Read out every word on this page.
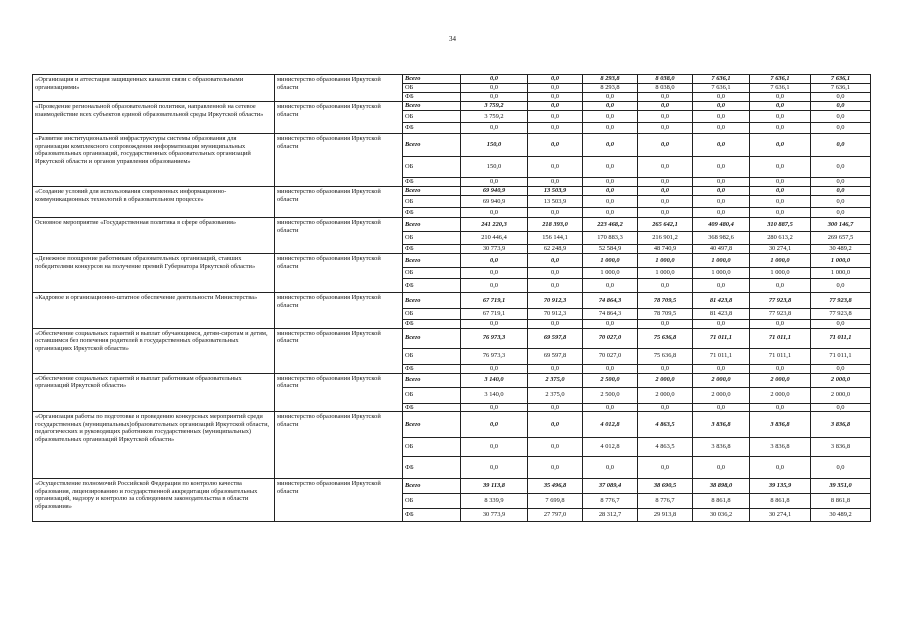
34
«Организация и аттестация защищенных каналов связи с образовательными организациями»	министерство образования Иркутской области	Всего	0,0	0,0	8 293,8	8 038,0	7 636,1	7 636,1	7 636,1
		ОБ	0,0	0,0	8 293,8	8 038,0	7 636,1	7 636,1	7 636,1
		ФБ	0,0	0,0	0,0	0,0	0,0	0,0	0,0
«Проведение региональной образовательной политики, направленной на сетевое взаимодействие всех субъектов единой образовательной среды Иркутской области»	министерство образования Иркутской области	Всего	3 759,2	0,0	0,0	0,0	0,0	0,0	0,0
		ОБ	3 759,2	0,0	0,0	0,0	0,0	0,0	0,0
		ФБ	0,0	0,0	0,0	0,0	0,0	0,0	0,0
«Развитие институциональной инфраструктуры системы образования для организации комплексного сопровождения информатизации муниципальных образовательных организаций, государственных образовательных организаций Иркутской области и органов управления образованием»	министерство образования Иркутской области	Всего	150,0	0,0	0,0	0,0	0,0	0,0	0,0
		ОБ	150,0	0,0	0,0	0,0	0,0	0,0	0,0
		ФБ	0,0	0,0	0,0	0,0	0,0	0,0	0,0
«Создание условий для использования современных информационно-коммуникационных технологий в образовательном процессе»	министерство образования Иркутской области	Всего	69 940,9	13 503,9	0,0	0,0	0,0	0,0	0,0
		ОБ	69 940,9	13 503,9	0,0	0,0	0,0	0,0	0,0
		ФБ	0,0	0,0	0,0	0,0	0,0	0,0	0,0
Основное мероприятие «Государственная политика в сфере образования»	министерство образования Иркутской области	Всего	241 220,3	218 393,0	223 468,2	265 642,1	409 480,4	310 887,5	300 146,7
		ОБ	210 446,4	156 144,1	170 883,3	216 901,2	368 982,6	280 613,2	269 657,5
		ФБ	30 773,9	62 248,9	52 584,9	48 740,9	40 497,8	30 274,1	30 489,2
«Денежное поощрение работникам образовательных организаций, ставших победителями конкурсов на получение премий Губернатора Иркутской области»	министерство образования Иркутской области	Всего	0,0	0,0	1 000,0	1 000,0	1 000,0	1 000,0	1 000,0
		ОБ	0,0	0,0	1 000,0	1 000,0	1 000,0	1 000,0	1 000,0
		ФБ	0,0	0,0	0,0	0,0	0,0	0,0	0,0
«Кадровое и организационно-штатное обеспечение деятельности Министерства»	министерство образования Иркутской области	Всего	67 719,1	70 912,3	74 864,3	78 709,5	81 423,8	77 923,8	77 923,8
		ОБ	67 719,1	70 912,3	74 864,3	78 709,5	81 423,8	77 923,8	77 923,8
		ФБ	0,0	0,0	0,0	0,0	0,0	0,0	0,0
«Обеспечение социальных гарантий и выплат обучающимся, детям-сиротам и детям, оставшимся без попечения родителей в государственных образовательных организациях Иркутской области»	министерство образования Иркутской области	Всего	76 973,3	69 597,8	70 027,0	75 636,8	71 011,1	71 011,1	71 011,1
		ОБ	76 973,3	69 597,8	70 027,0	75 636,8	71 011,1	71 011,1	71 011,1
		ФБ	0,0	0,0	0,0	0,0	0,0	0,0	0,0
«Обеспечение социальных гарантий и выплат работникам образовательных организаций Иркутской области»	министерство образования Иркутской области	Всего	3 140,0	2 375,0	2 500,0	2 000,0	2 000,0	2 000,0	2 000,0
		ОБ	3 140,0	2 375,0	2 500,0	2 000,0	2 000,0	2 000,0	2 000,0
		ФБ	0,0	0,0	0,0	0,0	0,0	0,0	0,0
«Организация работы по подготовке и проведению конкурсных мероприятий среди государственных (муниципальных)образовательных организаций Иркутской области, педагогических и руководящих работников государственных (муниципальных) образовательных организаций Иркутской области»	министерство образования Иркутской области	Всего	0,0	0,0	4 012,8	4 863,5	3 836,8	3 836,8	3 836,8
		ОБ	0,0	0,0	4 012,8	4 863,5	3 836,8	3 836,8	3 836,8
		ФБ	0,0	0,0	0,0	0,0	0,0	0,0	0,0
«Осуществление полномочий Российской Федерации по контролю качества образования, лицензированию и государственной аккредитации образовательных организаций, надзору и контролю за соблюдением законодательства в области образования»	министерство образования Иркутской области	Всего	39 113,8	35 496,8	37 089,4	38 690,5	38 898,0	39 135,9	39 351,0
		ОБ	8 339,9	7 699,8	8 776,7	8 776,7	8 861,8	8 861,8	8 861,8
		ФБ	30 773,9	27 797,0	28 312,7	29 913,8	30 036,2	30 274,1	30 489,2
